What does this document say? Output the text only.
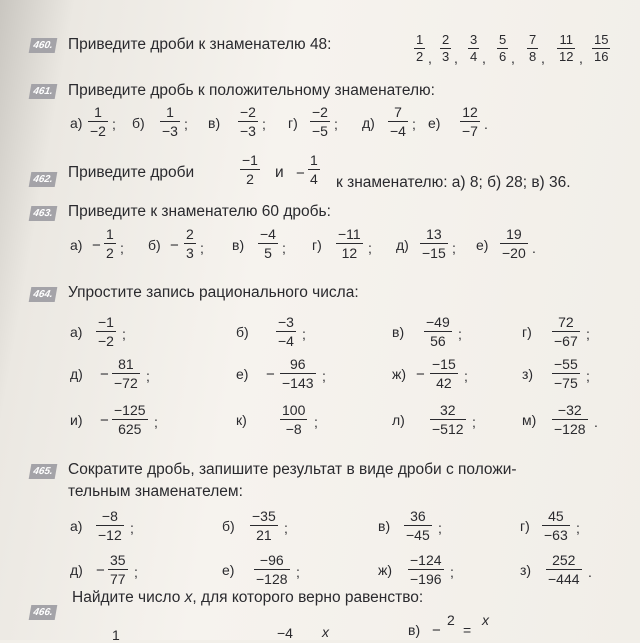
460. Приведите дроби к знаменателю 48:
461. Приведите дробь к положительному знаменателю:
462. Приведите дроби
−1
2 и −
1
4 к знаменателю: а) 8; б) 28; в) 36.
463. Приведите к знаменателю 60 дробь:
464. Упростите запись рационального числа:
465. Сократите дробь, запишите результат в виде дроби с положи-
тельным знаменателем:
466.
Найдите число x, для которого верно равенство:
1	−4 x	в) −
2
=
x
1
2 ,
2
3 ,
3
4 ,
5
6 ,
7
8 ,
11
12 ,
15
16
а)
1
−2 ; б)
1
−3 ; в)
−2
−3 ; г)
−2
−5 ; д)
7
−4 ; е)
12
−7 .
а) −
1
2 ; б) −
2
3 ; в)
−4
5 ; г)
−11
12 ; д)
13
−15 ; е)
19
−20 .
а)
−1
−2 ;	б)
−3
−4 ;	в)
−49
56 ;	г)
72
−67 ;
д) −
81
−72 ;	е) −
96
−143 ;	ж) −
−15
42 ;	з)
−55
−75 ;
и) −
−125
625 ;	к)
100
−8 ;	л)
32
−512 ;	м)
−32
−128 .
а)
−8
−12 ;	б)
−35
21 ;	в)
36
−45 ;	г)
45
−63 ;
д) −
35
77 ;	е)
−96
−128 ;	ж)
−124
−196 ;	з)
252
−444 .
